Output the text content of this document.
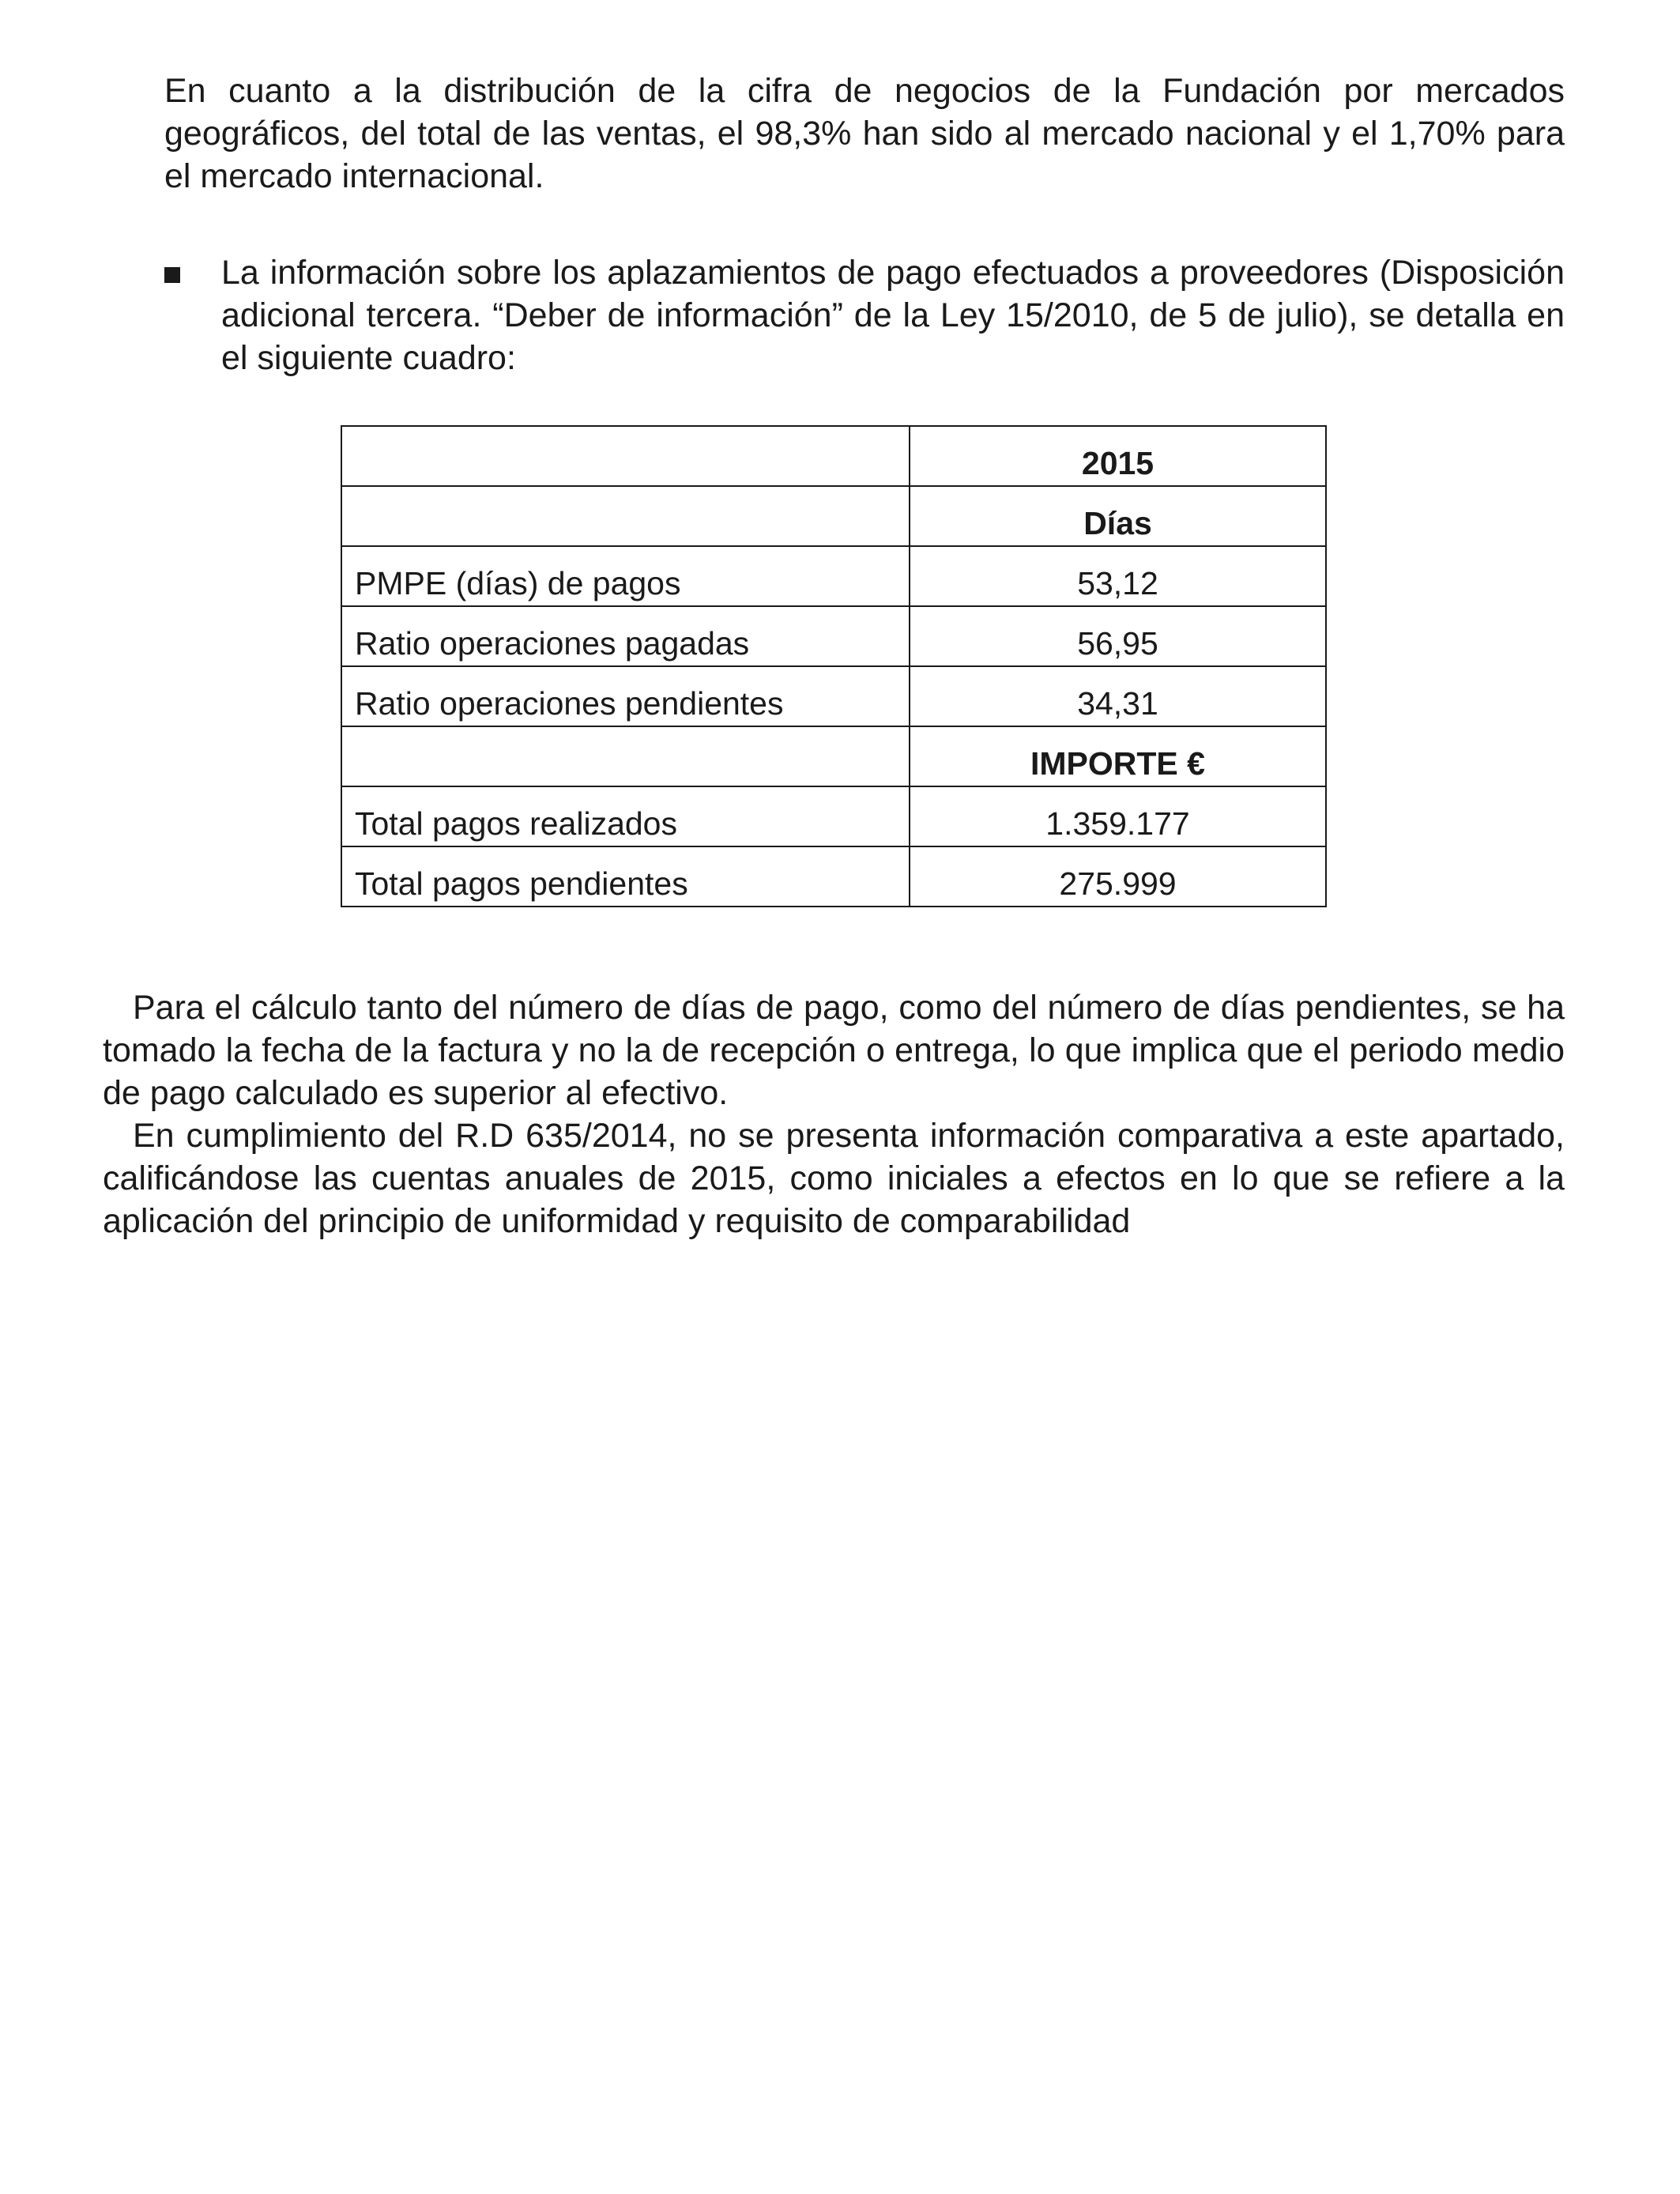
En cuanto a la distribución de la cifra de negocios de la Fundación por mercados geográficos, del total de las ventas, el 98,3% han sido al mercado nacional y el 1,70% para el mercado internacional.

La información sobre los aplazamientos de pago efectuados a proveedores (Disposición adicional tercera. “Deber de información” de la Ley 15/2010, de 5 de julio), se detalla en el siguiente cuadro:

	2015
	Días
PMPE (días) de pagos	53,12
Ratio operaciones pagadas	56,95
Ratio operaciones pendientes	34,31
	IMPORTE €
Total pagos realizados	1.359.177
Total pagos pendientes	275.999

Para el cálculo tanto del número de días de pago, como del número de días pendientes, se ha tomado la fecha de la factura y no la de recepción o entrega, lo que implica que el periodo medio de pago calculado es superior al efectivo.

En cumplimiento del R.D 635/2014, no se presenta información comparativa a este apartado, calificándose las cuentas anuales de 2015, como iniciales a efectos en lo que se refiere a la aplicación del principio de uniformidad y requisito de comparabilidad
